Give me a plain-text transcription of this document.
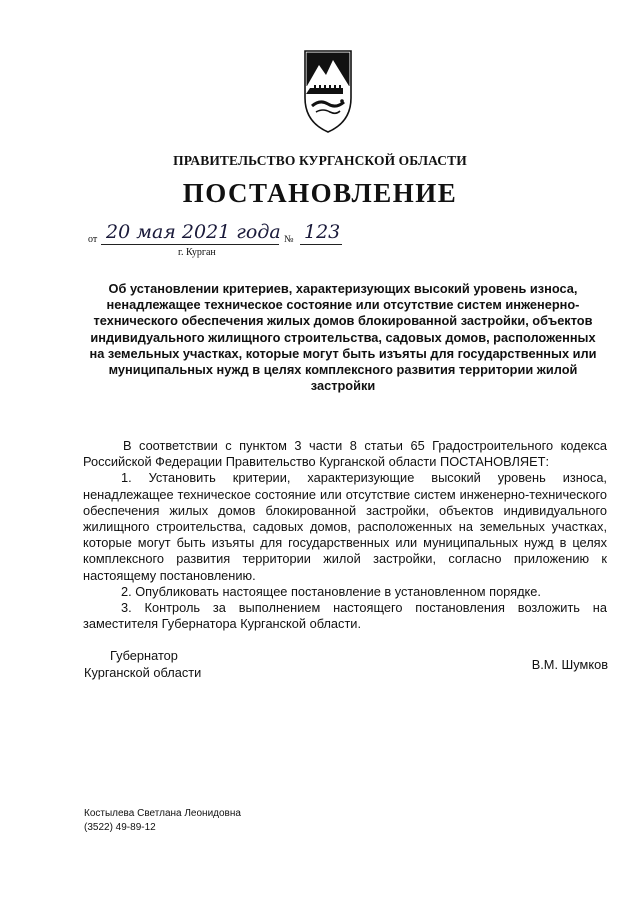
ПРАВИТЕЛЬСТВО КУРГАНСКОЙ ОБЛАСТИ
ПОСТАНОВЛЕНИЕ
от 20 мая 2021 года № 123
г. Курган
Об установлении критериев, характеризующих высокий уровень износа, ненадлежащее техническое состояние или отсутствие систем инженерно-технического обеспечения жилых домов блокированной застройки, объектов индивидуального жилищного строительства, садовых домов, расположенных на земельных участках, которые могут быть изъяты для государственных или муниципальных нужд в целях комплексного развития территории жилой застройки

В соответствии с пунктом 3 части 8 статьи 65 Градостроительного кодекса Российской Федерации Правительство Курганской области ПОСТАНОВЛЯЕТ:

1. Установить критерии, характеризующие высокий уровень износа, ненадлежащее техническое состояние или отсутствие систем инженерно-технического обеспечения жилых домов блокированной застройки, объектов индивидуального жилищного строительства, садовых домов, расположенных на земельных участках, которые могут быть изъяты для государственных или муниципальных нужд в целях комплексного развития территории жилой застройки, согласно приложению к настоящему постановлению.

2. Опубликовать настоящее постановление в установленном порядке.

3. Контроль за выполнением настоящего постановления возложить на заместителя Губернатора Курганской области.

Губернатор
Курганской области
В.М. Шумков
Костылева Светлана Леонидовна
(3522) 49-89-12
